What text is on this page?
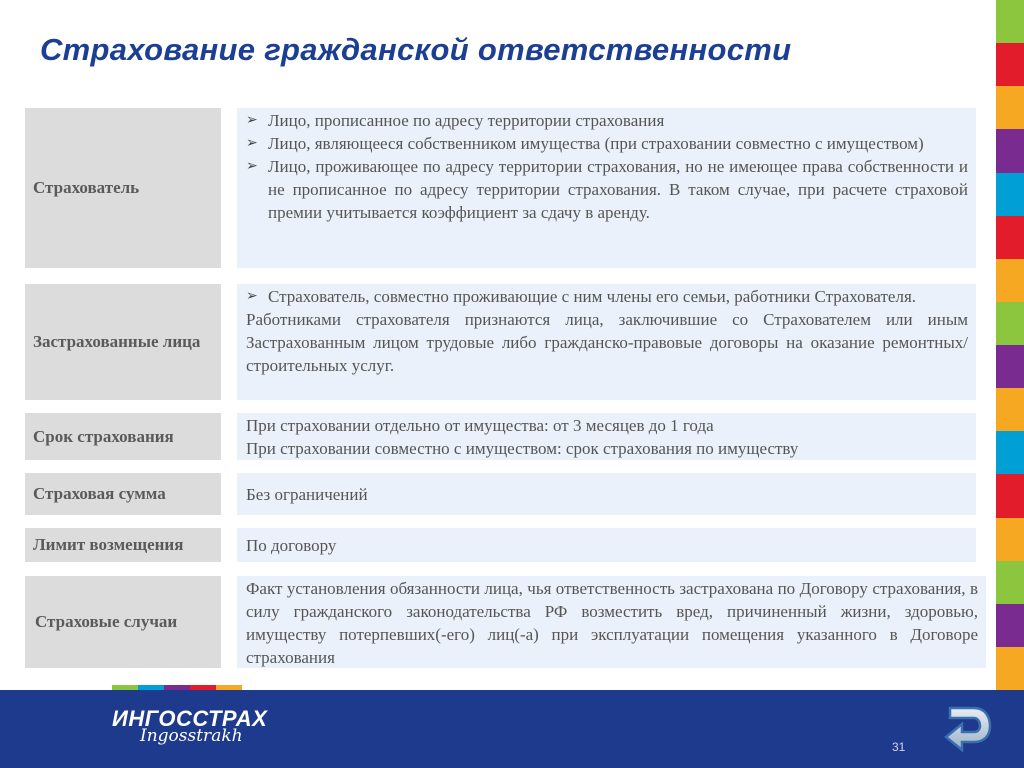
Страхование гражданской ответственности
Страхователь
➢ Лицо, прописанное по адресу территории страхования
➢ Лицо, являющееся собственником имущества (при страховании совместно с имуществом)
➢ Лицо, проживающее по адресу территории страхования, но не имеющее права собственности и не прописанное по адресу территории страхования. В таком случае, при расчете страховой премии учитывается коэффициент за сдачу в аренду.
Застрахованные лица
➢ Страхователь, совместно проживающие с ним члены его семьи, работники Страхователя.
Работниками страхователя признаются лица, заключившие со Страхователем или иным Застрахованным лицом трудовые либо гражданско-правовые договоры на оказание ремонтных/строительных услуг.
Срок страхования
При страховании отдельно от имущества: от 3 месяцев до 1 года
При страховании совместно с имуществом: срок страхования по имуществу
Страховая сумма	Без ограничений
Лимит возмещения	По договору
Страховые случаи
Факт установления обязанности лица, чья ответственность застрахована по Договору страхования, в силу гражданского законодательства РФ возместить вред, причиненный жизни, здоровью, имуществу потерпевших(-его) лиц(-а) при эксплуатации помещения указанного в Договоре страхования
ИНГОССТРАХ
Ingosstrakh
31
